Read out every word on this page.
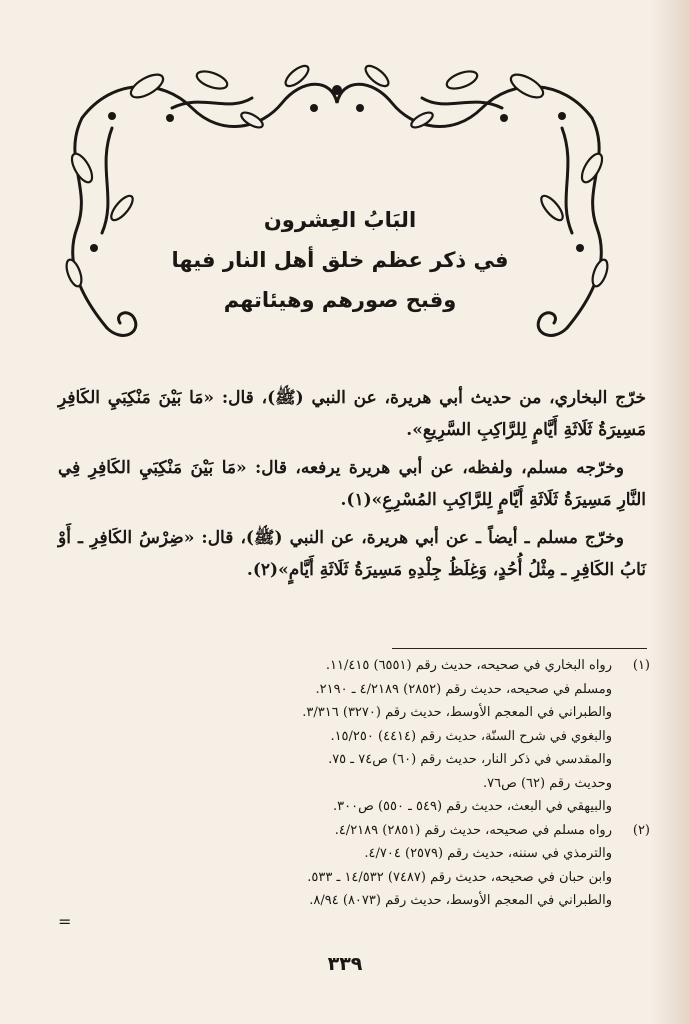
البَابُ العِشرون
في ذكر عظم خلق أهل النار فيها
وقبح صورهم وهيئاتهم

خرّج البخاري، من حديث أبي هريرة، عن النبي (ﷺ)، قال: «مَا بَيْنَ مَنْكِبَيِ الكَافِرِ مَسِيرَةُ ثَلَاثَةِ أَيَّامٍ لِلرَّاكِبِ السَّرِيعِ».

وخرّجه مسلم، ولفظه، عن أبي هريرة يرفعه، قال: «مَا بَيْنَ مَنْكِبَيِ الكَافِرِ فِي النَّارِ مَسِيرَةُ ثَلَاثَةِ أَيَّامٍ لِلرَّاكِبِ المُسْرِعِ»(١).

وخرّج مسلم ـ أيضاً ـ عن أبي هريرة، عن النبي (ﷺ)، قال: «ضِرْسُ الكَافِرِ ـ أَوْ نَابُ الكَافِرِ ـ مِثْلُ أُحُدٍ، وَغِلَظُ جِلْدِهِ مَسِيرَةُ ثَلَاثَةِ أَيَّامٍ»(٢).

(١)
رواه البخاري في صحيحه، حديث رقم (٦٥٥١) ١١/٤١٥.
ومسلم في صحيحه، حديث رقم (٢٨٥٢) ٤/٢١٨٩ ـ ٢١٩٠.
والطبراني في المعجم الأوسط، حديث رقم (٣٢٧٠) ٣/٣١٦.
والبغوي في شرح السنّة، حديث رقم (٤٤١٤) ١٥/٢٥٠.
والمقدسي في ذكر النار، حديث رقم (٦٠) ص٧٤ ـ ٧٥.
وحديث رقم (٦٢) ص٧٦.
والبيهقي في البعث، حديث رقم (٥٤٩ ـ ٥٥٠) ص٣٠٠.
(٢)
رواه مسلم في صحيحه، حديث رقم (٢٨٥١) ٤/٢١٨٩.
والترمذي في سننه، حديث رقم (٢٥٧٩) ٤/٧٠٤.
وابن حبان في صحيحه، حديث رقم (٧٤٨٧) ١٤/٥٣٢ ـ ٥٣٣.
والطبراني في المعجم الأوسط، حديث رقم (٨٠٧٣) ٨/٩٤.
=
٣٣٩
